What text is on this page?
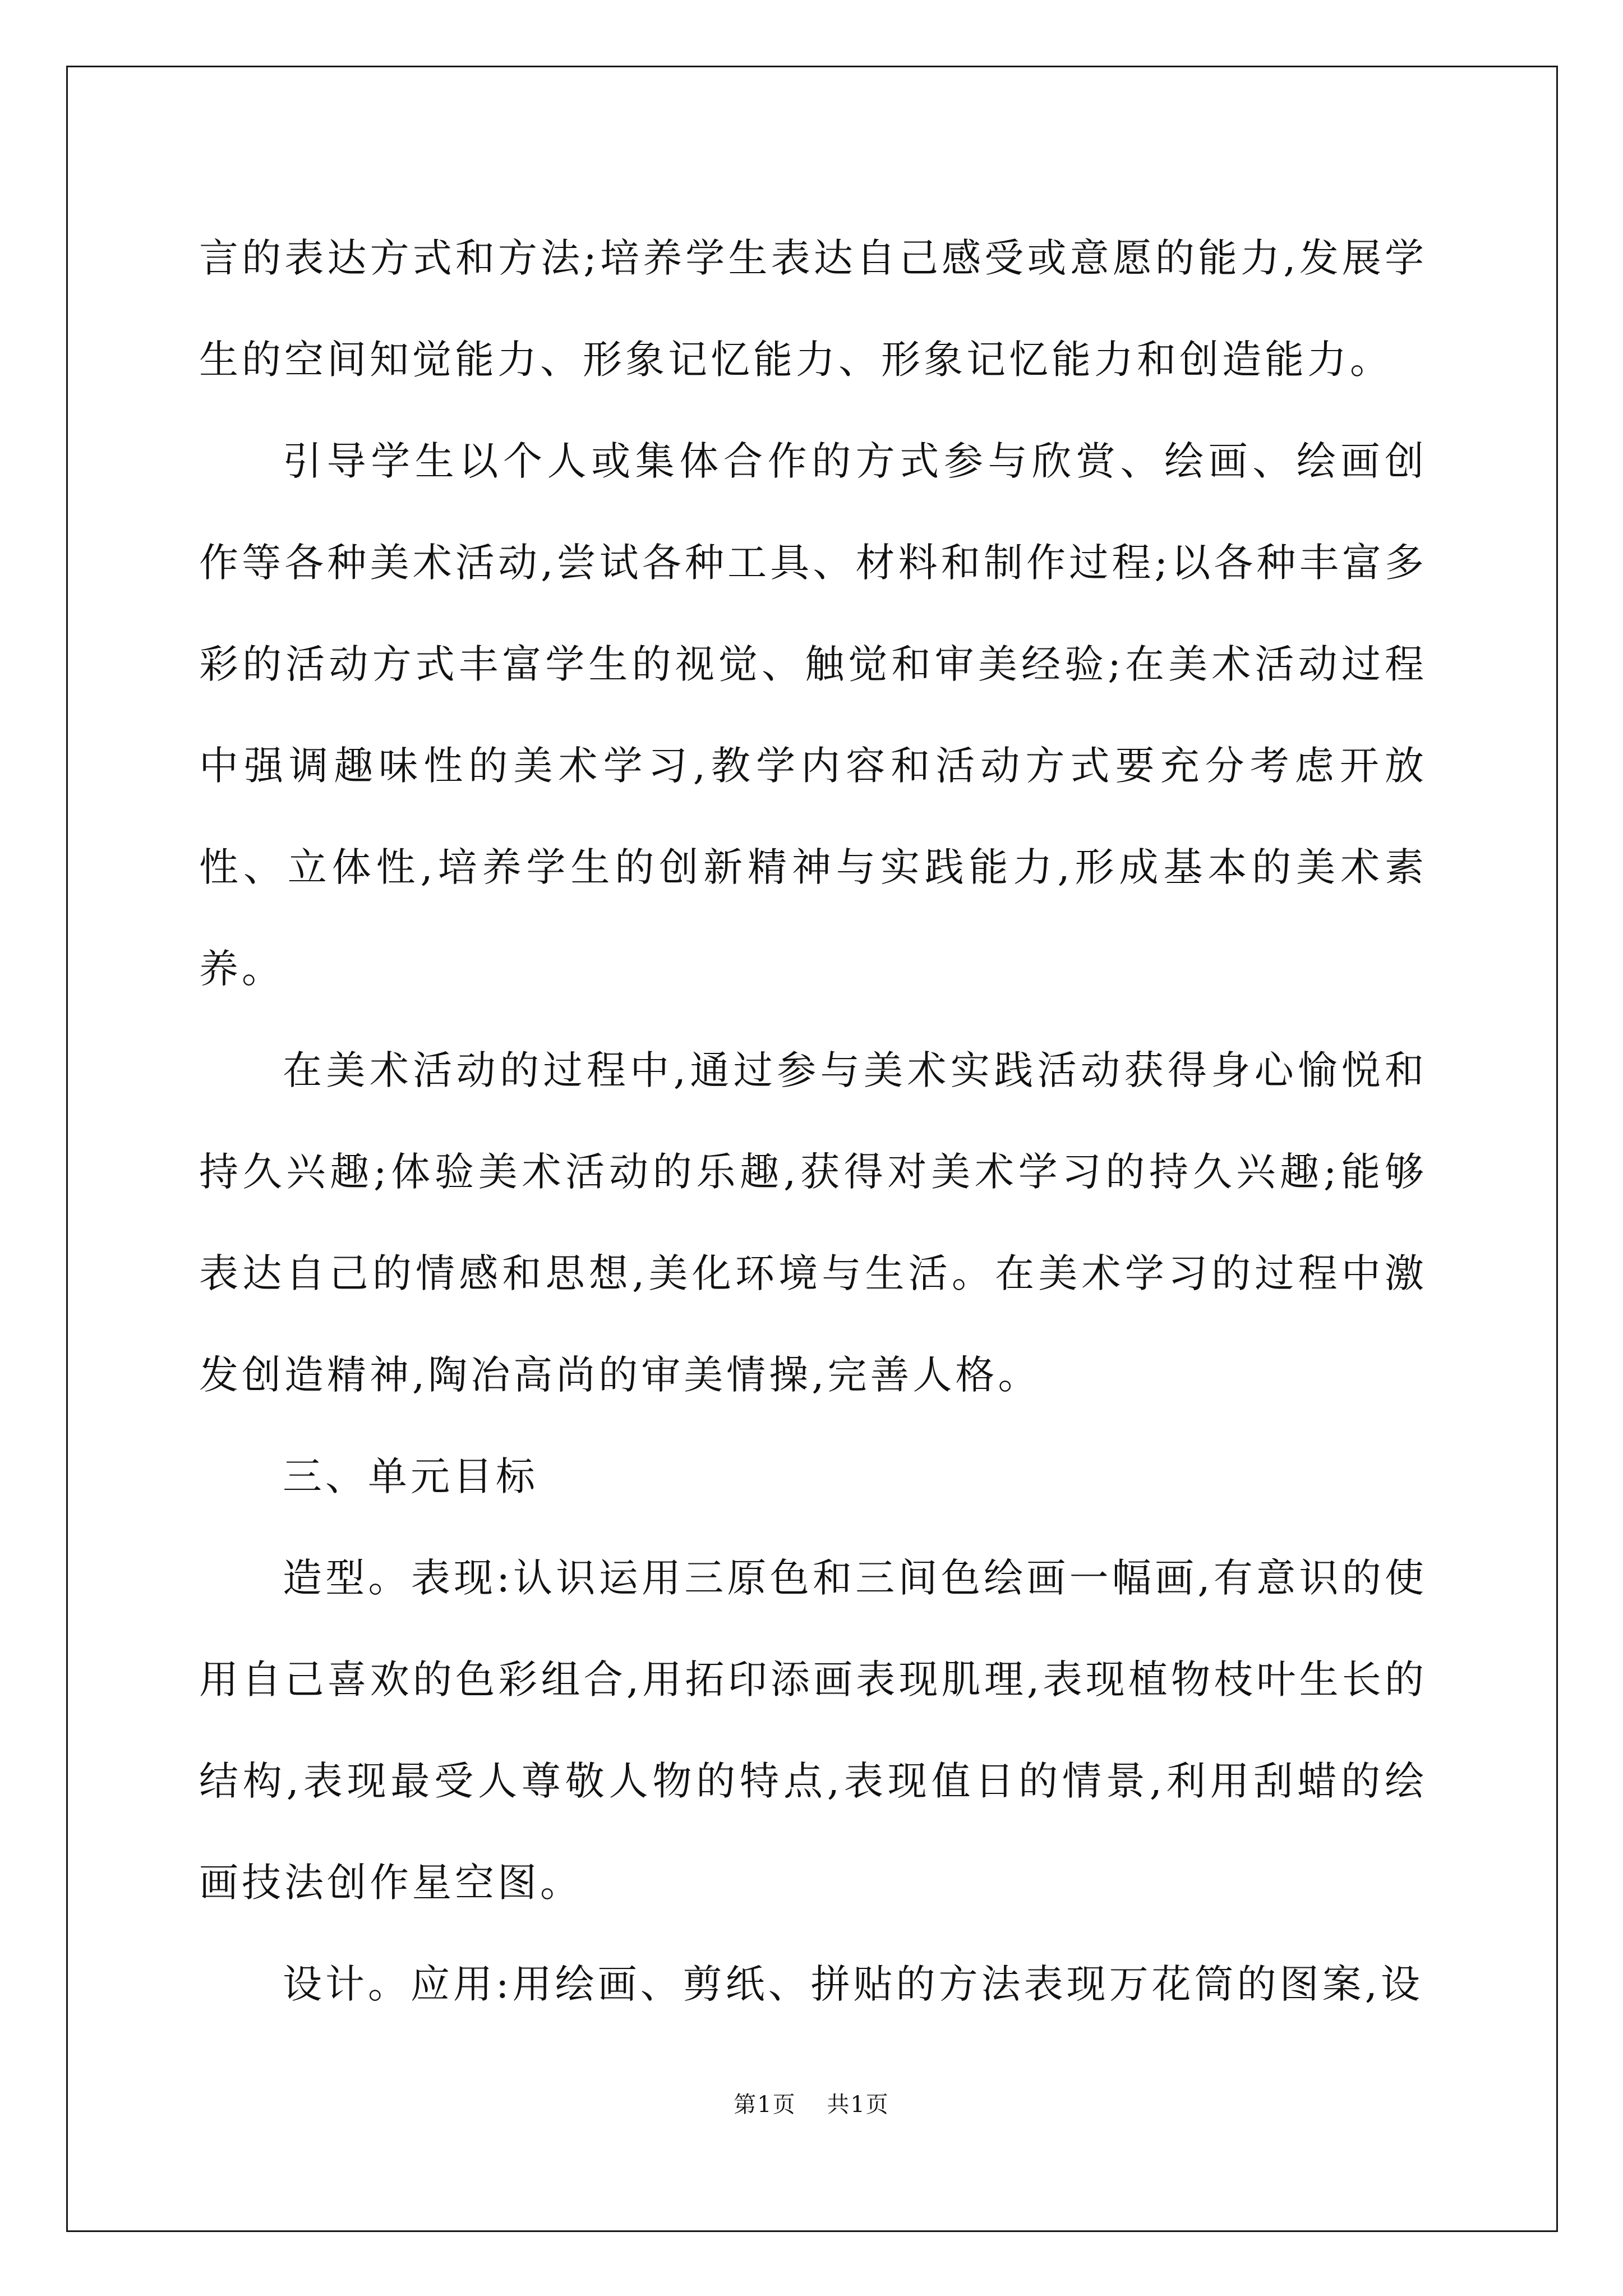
言的表达方式和方法;培养学生表达自己感受或意愿的能力,发展学生的空间知觉能力、形象记忆能力、形象记忆能力和创造能力。

引导学生以个人或集体合作的方式参与欣赏、绘画、绘画创作等各种美术活动,尝试各种工具、材料和制作过程;以各种丰富多彩的活动方式丰富学生的视觉、触觉和审美经验;在美术活动过程中强调趣味性的美术学习,教学内容和活动方式要充分考虑开放性、立体性,培养学生的创新精神与实践能力,形成基本的美术素养。

在美术活动的过程中,通过参与美术实践活动获得身心愉悦和持久兴趣;体验美术活动的乐趣,获得对美术学习的持久兴趣;能够表达自己的情感和思想,美化环境与生活。在美术学习的过程中激发创造精神,陶冶高尚的审美情操,完善人格。

三、单元目标

造型。表现:认识运用三原色和三间色绘画一幅画,有意识的使用自己喜欢的色彩组合,用拓印添画表现肌理,表现植物枝叶生长的结构,表现最受人尊敬人物的特点,表现值日的情景,利用刮蜡的绘画技法创作星空图。

设计。应用:用绘画、剪纸、拼贴的方法表现万花筒的图案,设

第1页 共1页
